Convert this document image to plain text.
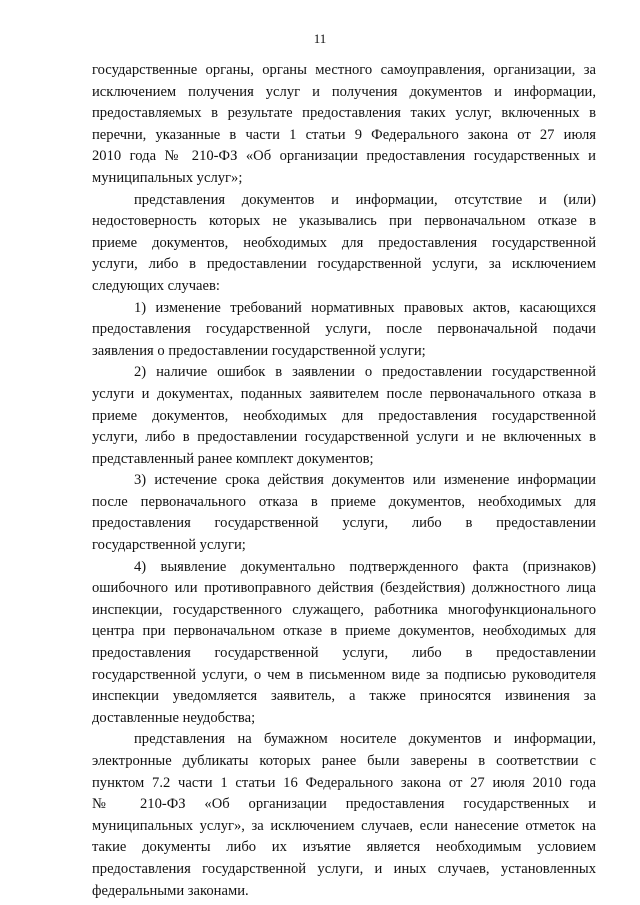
11
государственные органы, органы местного самоуправления, организации, за
исключением получения услуг и получения документов и информации,
предоставляемых в результате предоставления таких услуг, включенных в
перечни, указанные в части 1 статьи 9 Федерального закона от 27 июля
2010 года № 210-ФЗ «Об организации предоставления государственных и
муниципальных услуг»;
представления документов и информации, отсутствие и (или)
недостоверность которых не указывались при первоначальном отказе в
приеме документов, необходимых для предоставления государственной
услуги, либо в предоставлении государственной услуги, за исключением
следующих случаев:
1) изменение требований нормативных правовых актов, касающихся
предоставления государственной услуги, после первоначальной подачи
заявления о предоставлении государственной услуги;
2) наличие ошибок в заявлении о предоставлении государственной
услуги и документах, поданных заявителем после первоначального отказа в
приеме документов, необходимых для предоставления государственной
услуги, либо в предоставлении государственной услуги и не включенных в
представленный ранее комплект документов;
3) истечение срока действия документов или изменение информации
после первоначального отказа в приеме документов, необходимых для
предоставления государственной услуги, либо в предоставлении
государственной услуги;
4) выявление документально подтвержденного факта (признаков)
ошибочного или противоправного действия (бездействия) должностного лица
инспекции, государственного служащего, работника многофункционального
центра при первоначальном отказе в приеме документов, необходимых для
предоставления государственной услуги, либо в предоставлении
государственной услуги, о чем в письменном виде за подписью руководителя
инспекции уведомляется заявитель, а также приносятся извинения за
доставленные неудобства;
представления на бумажном носителе документов и информации,
электронные дубликаты которых ранее были заверены в соответствии с
пунктом 7.2 части 1 статьи 16 Федерального закона от 27 июля 2010 года
№ 210-ФЗ «Об организации предоставления государственных и
муниципальных услуг», за исключением случаев, если нанесение отметок на
такие документы либо их изъятие является необходимым условием
предоставления государственной услуги, и иных случаев, установленных
федеральными законами.
